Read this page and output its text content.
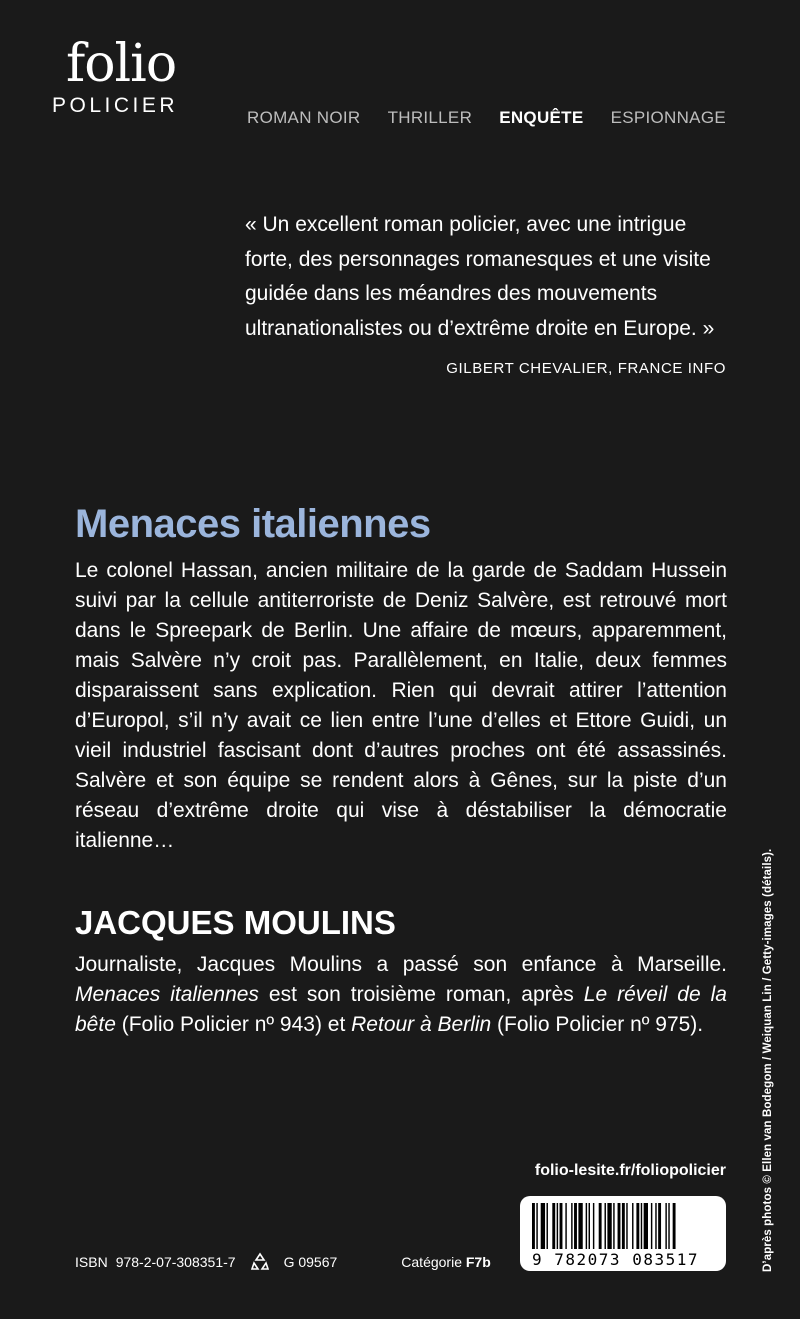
folio
POLICIER
ROMAN NOIR THRILLER ENQUÊTE ESPIONNAGE

« Un excellent roman policier, avec une intrigue forte, des personnages romanesques et une visite guidée dans les méandres des mouvements ultranationalistes ou d’extrême droite en Europe. »

GILBERT CHEVALIER, FRANCE INFO

Menaces italiennes

Le colonel Hassan, ancien militaire de la garde de Saddam Hussein suivi par la cellule antiterroriste de Deniz Salvère, est retrouvé mort dans le Spreepark de Berlin. Une affaire de mœurs, apparemment, mais Salvère n’y croit pas. Parallèlement, en Italie, deux femmes disparaissent sans explication. Rien qui devrait attirer l’attention d’Europol, s’il n’y avait ce lien entre l’une d’elles et Ettore Guidi, un vieil industriel fascisant dont d’autres proches ont été assassinés. Salvère et son équipe se rendent alors à Gênes, sur la piste d’un réseau d’extrême droite qui vise à déstabiliser la démocratie italienne…

JACQUES MOULINS

Journaliste, Jacques Moulins a passé son enfance à Marseille. Menaces italiennes est son troisième roman, après Le réveil de la bête (Folio Policier nº 943) et Retour à Berlin (Folio Policier nº 975).	D’après photos © Ellen van Bodegom / Weiquan Lin / Getty-images (détails).
folio-lesite.fr/foliopolicier
9 782073 083517
ISBN 978-2-07-308351-7	G 09567	Catégorie F7b
